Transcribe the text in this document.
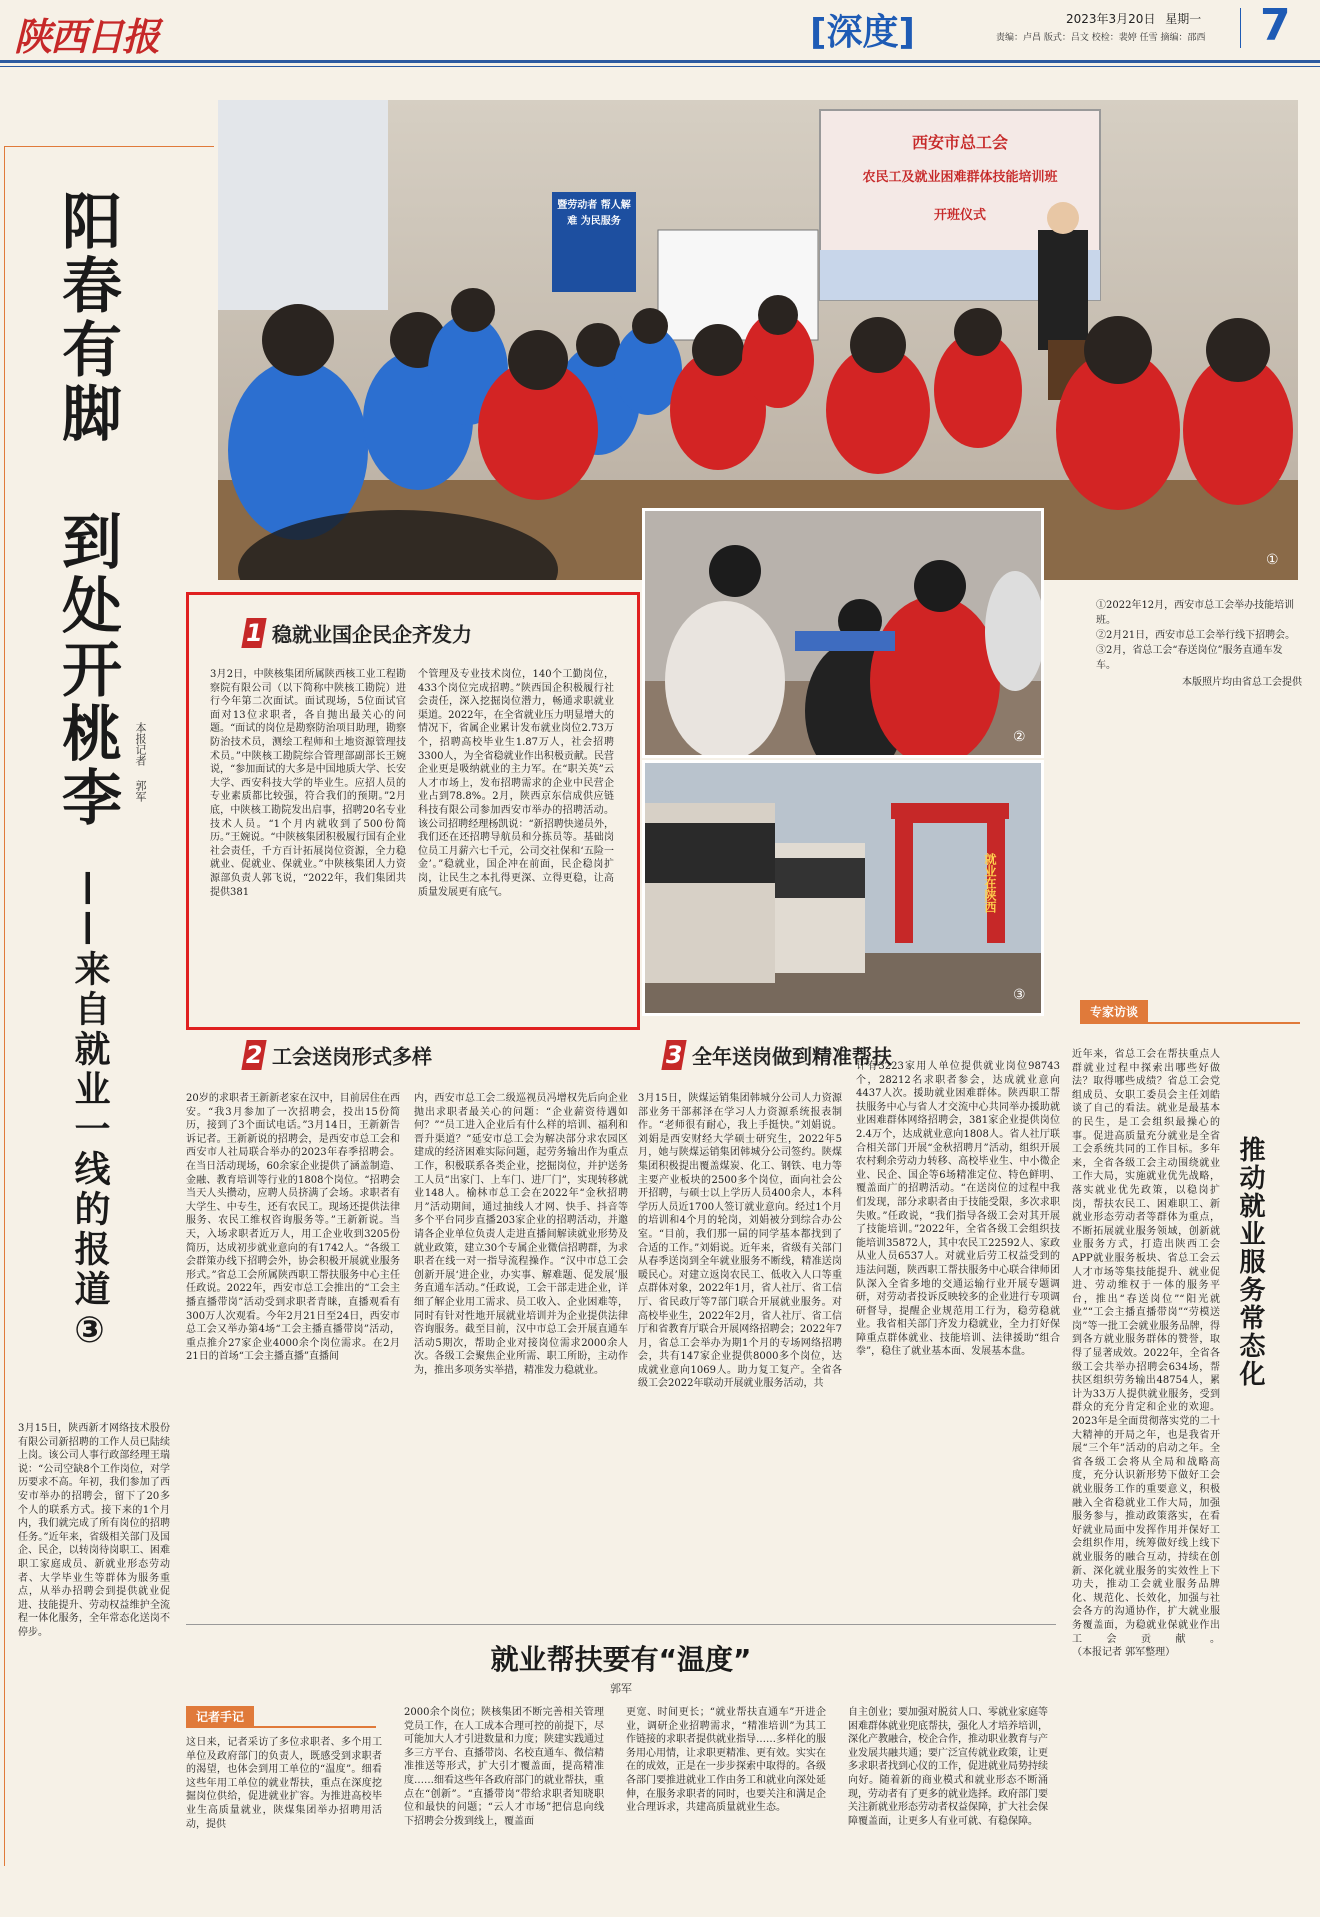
陕西日报	[深度]	2023年3月20日 星期一
责编：卢昌 版式：吕文 校检：裴婷 任雪 摘编：邵西 7
阳春有脚
到处开桃李
——来自就业一线的报道③
本报记者 郭军
西安市总工会
农民工及就业困难群体技能培训班
开班仪式
暨劳动者 帮人解难 为民服务
①
②
就业在陕西
③
①2022年12月，西安市总工会举办技能培训班。
②2月21日，西安市总工会举行线下招聘会。
③2月，省总工会“春送岗位”服务直通车发车。
本版照片均由省总工会提供
1 稳就业国企民企齐发力
3月2日，中陕核集团所属陕西核工业工程勘察院有限公司（以下简称中陕核工勘院）进行今年第二次面试。面试现场，5位面试官面对13位求职者，各自抛出最关心的问题。“面试的岗位是勘察防治项目助理，勘察防治技术员，测绘工程师和土地资源管理技术员。”中陕核工勘院综合管理部副部长王婉说，“参加面试的大多是中国地质大学、长安大学、西安科技大学的毕业生。应招人员的专业素质都比较强，符合我们的预期。”2月底，中陕核工勘院发出启事，招聘20名专业技术人员。“1个月内就收到了500份简历。”王婉说。“中陕核集团积极履行国有企业社会责任，千方百计拓展岗位资源，全力稳就业、促就业、保就业。”中陕核集团人力资源部负责人郭飞说，“2022年，我们集团共提供381
个管理及专业技术岗位，140个工勤岗位，433个岗位完成招聘。”陕西国企积极履行社会责任，深入挖掘岗位潜力，畅通求职就业渠道。2022年，在全省就业压力明显增大的情况下，省属企业累计发布就业岗位2.73万个，招聘高校毕业生1.87万人，社会招聘3300人，为全省稳就业作出积极贡献。民营企业更是吸纳就业的主力军。在“职关英”云人才市场上，发布招聘需求的企业中民营企业占到78.8%。2月，陕西京东信成供应链科技有限公司参加西安市举办的招聘活动。该公司招聘经理杨凯说：“新招聘快递员外，我们还在还招聘导航员和分拣员等。基础岗位员工月薪六七千元，公司交社保和‘五险一金’。”稳就业，国企冲在前面，民企稳岗扩岗，让民生之本扎得更深、立得更稳，让高质量发展更有底气。
2 工会送岗形式多样
20岁的求职者王新新老家在汉中，目前居住在西安。“我3月参加了一次招聘会，投出15份简历，接到了3个面试电话。”3月14日，王新新告诉记者。王新新说的招聘会，是西安市总工会和西安市人社局联合举办的2023年春季招聘会。在当日活动现场，60余家企业提供了涵盖制造、金融、教育培训等行业的1808个岗位。“招聘会当天人头攒动，应聘人员挤满了会场。求职者有大学生、中专生，还有农民工。现场还提供法律服务、农民工维权咨询服务等。”王新新说。当天，入场求职者近万人，用工企业收到3205份简历，达成初步就业意向的有1742人。“各级工会群策办线下招聘会外，协会积极开展就业服务形式。”省总工会所属陕西职工帮扶服务中心主任任政说。2022年，西安市总工会推出的“工会主播直播带岗”活动受到求职者青睐，直播观看有300万人次观看。今年2月21日至24日，西安市总工会又举办第4场“工会主播直播带岗”活动，重点推介27家企业4000余个岗位需求。在2月21日的首场“工会主播直播”直播间
内，西安市总工会二级巡视员冯增权先后向企业抛出求职者最关心的问题：“企业薪资待遇如何？”“员工进入企业后有什么样的培训、福利和晋升渠道？”延安市总工会为解决部分求农园区建成的经济困难实际问题，起劳务输出作为重点工作，积极联系各类企业，挖掘岗位，并护送务工人员“出家门、上车门、进厂门”，实现转移就业148人。榆林市总工会在2022年“金秋招聘月”活动期间，通过抽线人才网、快手、抖音等多个平台同步直播203家企业的招聘活动，并邀请各企业单位负责人走进直播间解读就业形势及就业政策，建立30个专属企业微信招聘群，为求职者在线一对一指导流程操作。“汉中市总工会创新开展‘进企业，办实事、解难题、促发展’服务直通车活动。”任政说，工会干部走进企业，详细了解企业用工需求、员工收入、企业困难等，同时有针对性地开展就业培训并为企业提供法律咨询服务。截至目前，汉中市总工会开展直通车活动5期次，帮助企业对接岗位需求2000余人次。各级工会聚焦企业所需、职工所盼，主动作为，推出多项务实举措，精准发力稳就业。
3 全年送岗做到精准帮扶
3月15日，陕煤运销集团韩城分公司人力资源部业务干部郝泽在学习人力资源系统报表制作。“老师很有耐心，我上手挺快。”刘娟说。刘娟是西安财经大学硕士研究生，2022年5月，她与陕煤运销集团韩城分公司签约。陕煤集团积极提出覆盖煤炭、化工、钢铁、电力等主要产业板块的2500多个岗位，面向社会公开招聘，与硕士以上学历人员400余人，本科学历人员近1700人签订就业意向。经过1个月的培训和4个月的轮岗，刘娟被分到综合办公室。“目前，我们那一届的同学基本都找到了合适的工作。”刘娟说。近年来，省级有关部门从春季送岗到全年就业服务不断线，精准送岗暖民心。对建立返岗农民工、低收入人口等重点群体对象，2022年1月，省人社厅、省工信厅、省民政厅等7部门联合开展就业服务。对高校毕业生，2022年2月，省人社厅、省工信厅和省教育厅联合开展网络招聘会；2022年7月，省总工会举办为期1个月的专场网络招聘会，共有147家企业提供8000多个岗位，达成就业意向1069人。助力复工复产。全省各级工会2022年联动开展就业服务活动，共
计有3223家用人单位提供就业岗位98743个，28212名求职者参会，达成就业意向4437人次。援助就业困难群体。陕西职工帮扶服务中心与省人才交流中心共同举办援助就业困难群体网络招聘会，381家企业提供岗位2.4万个，达成就业意向1808人。省人社厅联合相关部门开展“金秋招聘月”活动，组织开展农村剩余劳动力转移、高校毕业生、中小微企业、民企、国企等6场精准定位、特色鲜明、覆盖面广的招聘活动。“在送岗位的过程中我们发现，部分求职者由于技能受限，多次求职失败。”任政说，“我们指导各级工会对其开展了技能培训。”2022年，全省各级工会组织技能培训35872人，其中农民工22592人、家政从业人员6537人。对就业后劳工权益受到的违法问题，陕西职工帮扶服务中心联合律师团队深入全省多地的交通运输行业开展专题调研，对劳动者投诉反映较多的企业进行专项调研督导，提醒企业规范用工行为，稳劳稳就业。我省相关部门齐发力稳就业，全力打好保障重点群体就业、技能培训、法律援助“组合拳”，稳住了就业基本面、发展基本盘。
专家访谈
推动就业服务常态化
近年来，省总工会在帮扶重点人群就业过程中探索出哪些好做法？取得哪些成绩？省总工会党组成员、女职工委员会主任刘皓谈了自己的看法。就业是最基本的民生，是工会组织最操心的事。促进高质量充分就业是全省工会系统共同的工作目标。多年来，全省各级工会主动围绕就业工作大局，实施就业优先战略，落实就业优先政策，以稳岗扩岗，帮扶农民工、困难职工、新就业形态劳动者等群体为重点，不断拓展就业服务领域，创新就业服务方式，打造出陕西工会APP就业服务板块、省总工会云人才市场等集技能提升、就业促进、劳动维权于一体的服务平台，推出“春送岗位”“阳光就业”“工会主播直播带岗”“劳模送岗”等一批工会就业服务品牌，得到各方就业服务群体的赞誉，取得了显著成效。2022年，全省各级工会共举办招聘会634场，帮扶区组织劳务输出48754人，累计为33万人提供就业服务，受到群众的充分肯定和企业的欢迎。2023年是全面贯彻落实党的二十大精神的开局之年，也是我省开展“三个年”活动的启动之年。全省各级工会将从全局和战略高度，充分认识新形势下做好工会就业服务工作的重要意义，积极融入全省稳就业工作大局，加强服务参与，推动政策落实，在看好就业局面中发挥作用并保好工会组织作用，统筹做好线上线下就业服务的融合互动，持续在创新、深化就业服务的实效性上下功夫，推动工会就业服务品牌化、规范化、长效化，加强与社会各方的沟通协作，扩大就业服务覆盖面，为稳就业保就业作出工会贡献。（本报记者 郭军整理）
3月15日，陕西新才网络技术股份有限公司新招聘的工作人员已陆续上岗。该公司人事行政部经理王瑞说：“公司空缺8个工作岗位，对学历要求不高。年初，我们参加了西安市举办的招聘会，留下了20多个人的联系方式。接下来的1个月内，我们就完成了所有岗位的招聘任务。”近年来，省级相关部门及国企、民企，以转岗待岗职工、困难职工家庭成员、新就业形态劳动者、大学毕业生等群体为服务重点，从举办招聘会到提供就业促进、技能提升、劳动权益维护全流程一体化服务，全年常态化送岗不停步。
就业帮扶要有“温度”
郭军
记者手记
这日来，记者采访了多位求职者、多个用工单位及政府部门的负责人，既感受到求职者的渴望，也体会到用工单位的“温度”。细看这些年用工单位的就业帮扶，重点在深度挖掘岗位供给，促进就业扩容。为推进高校毕业生高质量就业，陕煤集团举办招聘用活动，提供
2000余个岗位；陕核集团不断完善相关管理党员工作，在人工成本合理可控的前提下，尽可能加大人才引进数量和力度；陕建实践通过多三方平台、直播带岗、名校直通车、微信精准推送等形式，扩大引才覆盖面，提高精准度……细看这些年各政府部门的就业帮扶，重点在“创新”。“直播带岗”带给求职者知晓职位和最快的问题；“云人才市场”把信息向线下招聘会分拨到线上，覆盖面
更宽、时间更长；“就业帮扶直通车”开进企业，调研企业招聘需求，“精准培训”为其工作链接的求职者提供就业指导……多样化的服务用心用情，让求职更精准、更有效。实实在在的成效，正是在一步步探索中取得的。各级各部门要推进就业工作由务工和就业向深处延伸，在服务求职者的同时，也要关注和满足企业合理诉求，共建高质量就业生态。
自主创业；要加强对脱贫人口、零就业家庭等困难群体就业兜底帮扶，强化人才培养培训，深化产教融合，校企合作，推动职业教育与产业发展共融共通；要广泛宣传就业政策，让更多求职者找到心仪的工作，促进就业局势持续向好。随着新的商业模式和就业形态不断涌现，劳动者有了更多的就业选择。政府部门要关注新就业形态劳动者权益保障，扩大社会保障覆盖面，让更多人有业可就、有稳保障。
